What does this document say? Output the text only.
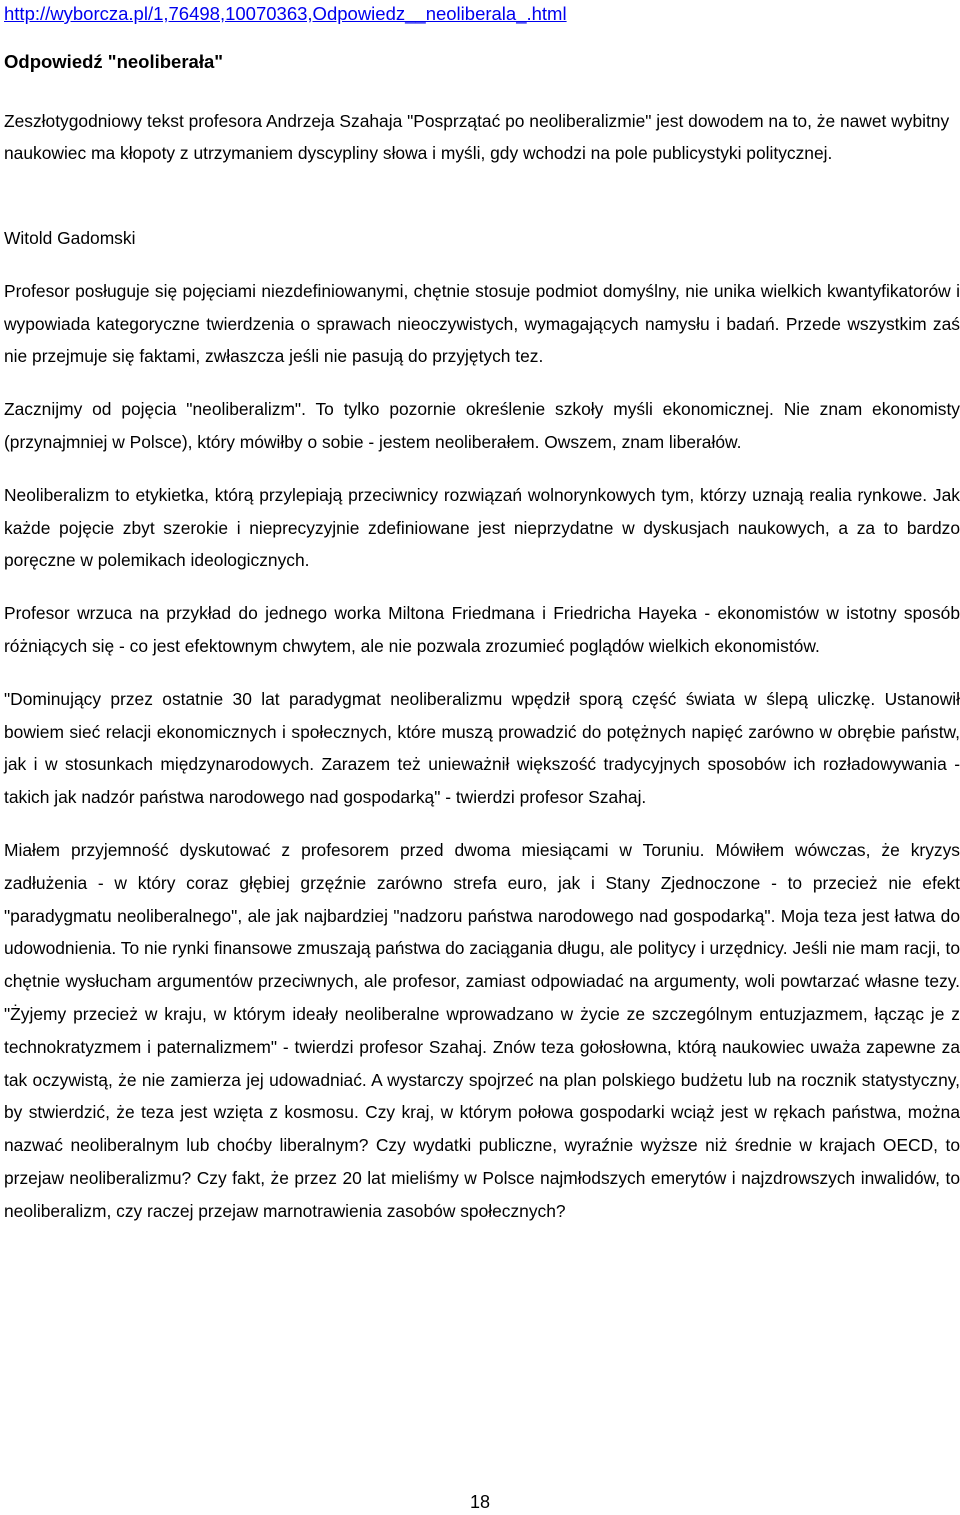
http://wyborcza.pl/1,76498,10070363,Odpowiedz__neoliberala_.html

Odpowiedź "neoliberała"

Zeszłotygodniowy tekst profesora Andrzeja Szahaja "Posprzątać po neoliberalizmie" jest dowodem na to, że nawet wybitny naukowiec ma kłopoty z utrzymaniem dyscypliny słowa i myśli, gdy wchodzi na pole publicystyki politycznej.

Witold Gadomski

Profesor posługuje się pojęciami niezdefiniowanymi, chętnie stosuje podmiot domyślny, nie unika wielkich kwantyfikatorów i wypowiada kategoryczne twierdzenia o sprawach nieoczywistych, wymagających namysłu i badań. Przede wszystkim zaś nie przejmuje się faktami, zwłaszcza jeśli nie pasują do przyjętych tez.

Zacznijmy od pojęcia "neoliberalizm". To tylko pozornie określenie szkoły myśli ekonomicznej. Nie znam ekonomisty (przynajmniej w Polsce), który mówiłby o sobie - jestem neoliberałem. Owszem, znam liberałów.

Neoliberalizm to etykietka, którą przylepiają przeciwnicy rozwiązań wolnorynkowych tym, którzy uznają realia rynkowe. Jak każde pojęcie zbyt szerokie i nieprecyzyjnie zdefiniowane jest nieprzydatne w dyskusjach naukowych, a za to bardzo poręczne w polemikach ideologicznych.

Profesor wrzuca na przykład do jednego worka Miltona Friedmana i Friedricha Hayeka - ekonomistów w istotny sposób różniących się - co jest efektownym chwytem, ale nie pozwala zrozumieć poglądów wielkich ekonomistów.

"Dominujący przez ostatnie 30 lat paradygmat neoliberalizmu wpędził sporą część świata w ślepą uliczkę. Ustanowił bowiem sieć relacji ekonomicznych i społecznych, które muszą prowadzić do potężnych napięć zarówno w obrębie państw, jak i w stosunkach międzynarodowych. Zarazem też unieważnił większość tradycyjnych sposobów ich rozładowywania - takich jak nadzór państwa narodowego nad gospodarką" - twierdzi profesor Szahaj.

Miałem przyjemność dyskutować z profesorem przed dwoma miesiącami w Toruniu. Mówiłem wówczas, że kryzys zadłużenia - w który coraz głębiej grzęźnie zarówno strefa euro, jak i Stany Zjednoczone - to przecież nie efekt "paradygmatu neoliberalnego", ale jak najbardziej "nadzoru państwa narodowego nad gospodarką". Moja teza jest łatwa do udowodnienia. To nie rynki finansowe zmuszają państwa do zaciągania długu, ale politycy i urzędnicy. Jeśli nie mam racji, to chętnie wysłucham argumentów przeciwnych, ale profesor, zamiast odpowiadać na argumenty, woli powtarzać własne tezy. "Żyjemy przecież w kraju, w którym ideały neoliberalne wprowadzano w życie ze szczególnym entuzjazmem, łącząc je z technokratyzmem i paternalizmem" - twierdzi profesor Szahaj. Znów teza gołosłowna, którą naukowiec uważa zapewne za tak oczywistą, że nie zamierza jej udowadniać. A wystarczy spojrzeć na plan polskiego budżetu lub na rocznik statystyczny, by stwierdzić, że teza jest wzięta z kosmosu. Czy kraj, w którym połowa gospodarki wciąż jest w rękach państwa, można nazwać neoliberalnym lub choćby liberalnym? Czy wydatki publiczne, wyraźnie wyższe niż średnie w krajach OECD, to przejaw neoliberalizmu? Czy fakt, że przez 20 lat mieliśmy w Polsce najmłodszych emerytów i najzdrowszych inwalidów, to neoliberalizm, czy raczej przejaw marnotrawienia zasobów społecznych?

18
